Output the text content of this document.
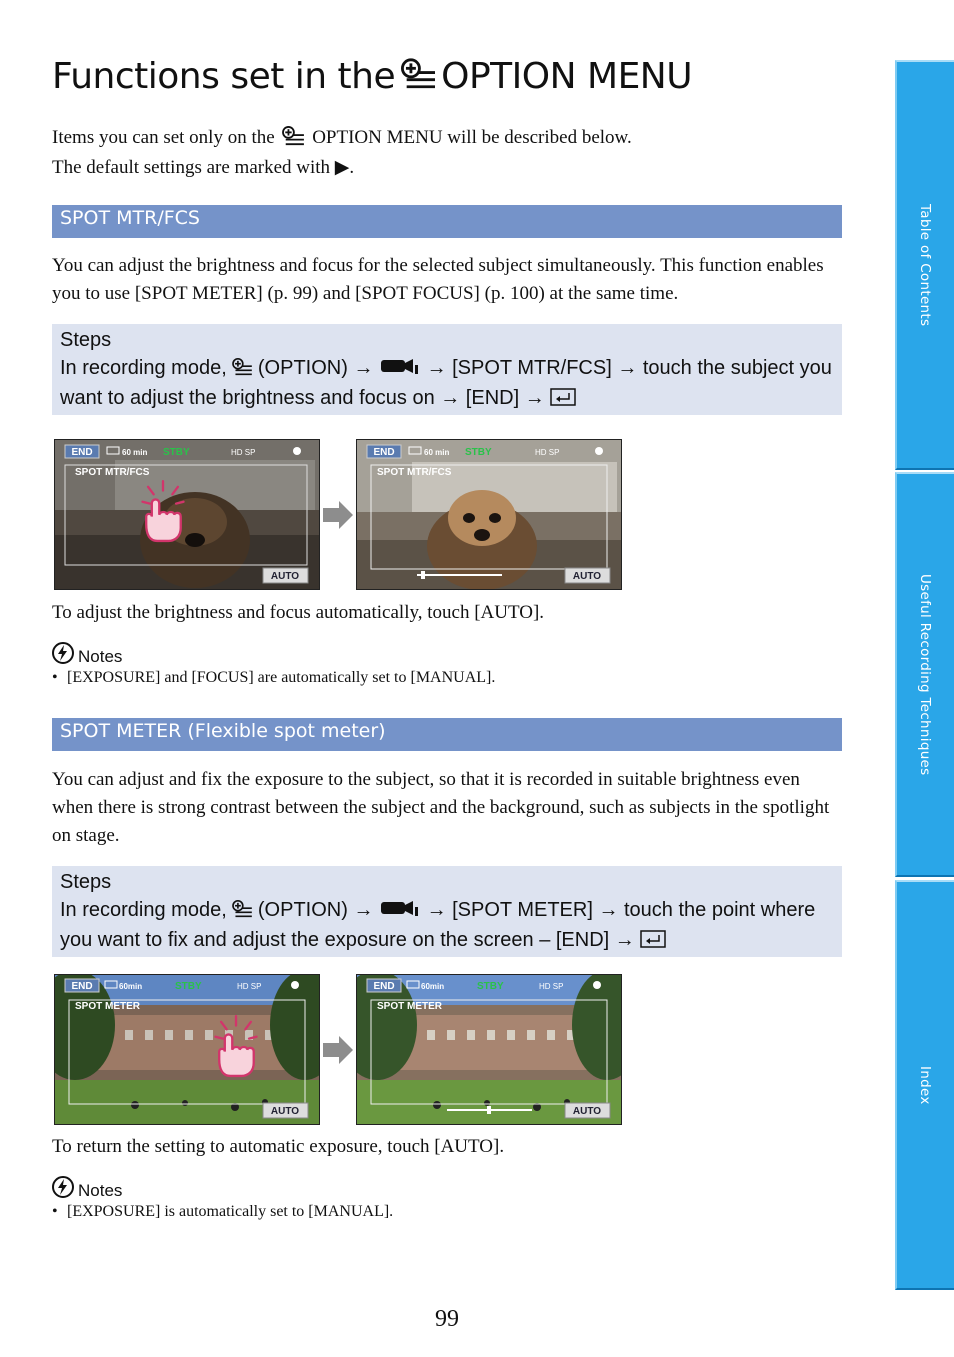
Functions set in the OPTION MENU
Items you can set only on the OPTION MENU will be described below.
The default settings are marked with ▶.
SPOT MTR/FCS
You can adjust the brightness and focus for the selected subject simultaneously. This function enables you to use [SPOT METER] (p. 99) and [SPOT FOCUS] (p. 100) at the same time.
Steps
In recording mode, (OPTION) →	→ [SPOT MTR/FCS] → touch the subject you want to adjust the brightness and focus on → [END] →
END	60 min STBY	HD SP
SPOT MTR/FCS
AUTO
END	60 min STBY	HD SP
SPOT MTR/FCS
AUTO
To adjust the brightness and focus automatically, touch [AUTO].
Notes
• [EXPOSURE] and [FOCUS] are automatically set to [MANUAL].
SPOT METER (Flexible spot meter)
You can adjust and fix the exposure to the subject, so that it is recorded in suitable brightness even when there is strong contrast between the subject and the background, such as subjects in the spotlight on stage.
Steps
In recording mode, (OPTION) →	→ [SPOT METER] → touch the point where you want to fix and adjust the exposure on the screen – [END] →
END	60min	STBY	HD SP
SPOT METER
AUTO
END	60min	STBY	HD SP
SPOT METER
AUTO
To return the setting to automatic exposure, touch [AUTO].
Notes
• [EXPOSURE] is automatically set to [MANUAL].
99
Table of Contents
Useful Recording Techniques
Index
